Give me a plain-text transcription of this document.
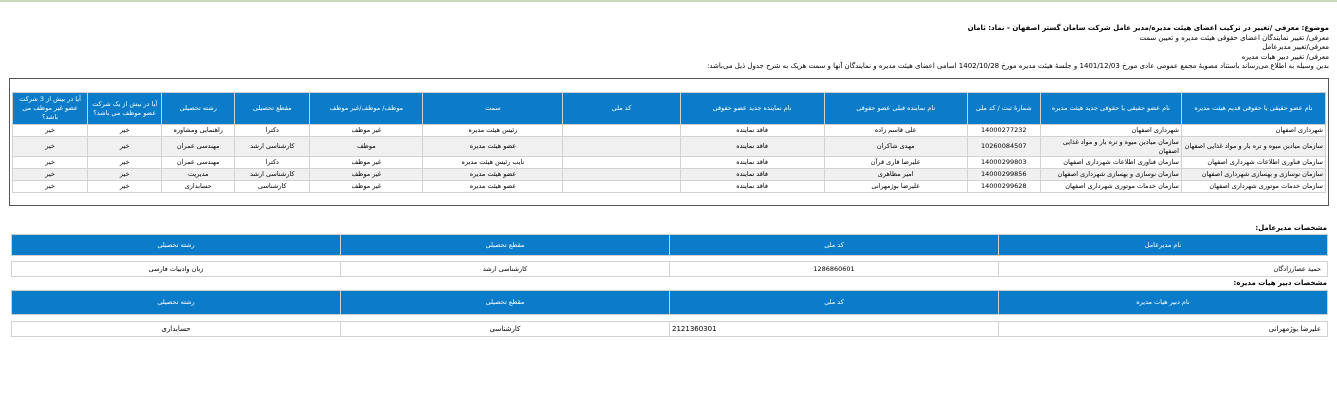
موضوع: معرفی /تغییر در ترکیب اعضای هیئت مدیره/مدیر عامل شرکت سامان گستر اصفهان - نماد: ثامان
معرفی/ تغییر نمایندگان اعضای حقوقی هیئت مدیره و تعیین سمت
معرفی/تغییر مدیرعامل
معرفی/ تغییر دبیر هیات مدیره
بدین وسیله به اطلاع می‌رساند باستناد مصوبهٔ مجمع عمومی عادی مورخ 1401/12/03 و جلسهٔ هیئت مدیره مورخ 1402/10/28 اسامی اعضای هیئت مدیره و نمایندگان آنها و سمت هریک به شرح جدول ذیل می‌باشد:
نام عضو حقیقی یا حقوقی قدیم هیئت مدیره	نام عضو حقیقی یا حقوقی جدید هیئت مدیره	شمارهٔ ثبت / کد ملی	نام نماینده قبلی عضو حقوقی	نام نماینده جدید عضو حقوقی	کد ملی	سمت	موظف/ موظف/غیر موظف	مقطع تحصیلی	رشته تحصیلی	آیا در بیش از یک شرکت عضو موظف می باشد؟	آیا در بیش از 3 شرکت عضو غیر موظف می باشد؟
شهرداری اصفهان	شهرداری اصفهان	14000277232	علی قاسم زاده	فاقد نماینده		رئیس هیئت مدیره	غیر موظف	دکترا	راهنمایی ومشاوره	خیر	خیر
سازمان میادین میوه و تره بار و مواد غذایی اصفهان	سازمان میادین میوه و تره بار و مواد غذایی اصفهان	10260084507	مهدی شاکران	فاقد نماینده		عضو هیئت مدیره	موظف	کارشناسی ارشد	مهندسی عمران	خیر	خیر
سازمان فناوری اطلاعات شهرداری اصفهان	سازمان فناوری اطلاعات شهرداری اصفهان	14000299803	علیرضا قاری قرآن	فاقد نماینده		نایب رئیس هیئت مدیره	غیر موظف	دکترا	مهندسی عمران	خیر	خیر
سازمان نوسازی و بهسازی شهرداری اصفهان	سازمان نوسازی و بهسازی شهرداری اصفهان	14000299856	امیر مظاهری	فاقد نماینده		عضو هیئت مدیره	غیر موظف	کارشناسی ارشد	مدیریت	خیر	خیر
سازمان خدمات موتوری شهرداری اصفهان	سازمان خدمات موتوری شهرداری اصفهان	14000299628	علیرضا بوژمهرانی	فاقد نماینده		عضو هیئت مدیره	غیر موظف	کارشناسی	حسابداری	خیر	خیر
مشخصات مدیرعامل:
نام مدیرعامل	کد ملی	مقطع تحصیلی	رشته تحصیلی

حمید عصارزادگان	1286860601	کارشناسی ارشد	زبان وادبیات فارسی
مشخصات دبیر هیات مدیره:
نام دبیر هیات مدیره	کد ملی	مقطع تحصیلی	رشته تحصیلی

علیرضا بوژمهرانی	2121360301	کارشناسی	حسابداری
